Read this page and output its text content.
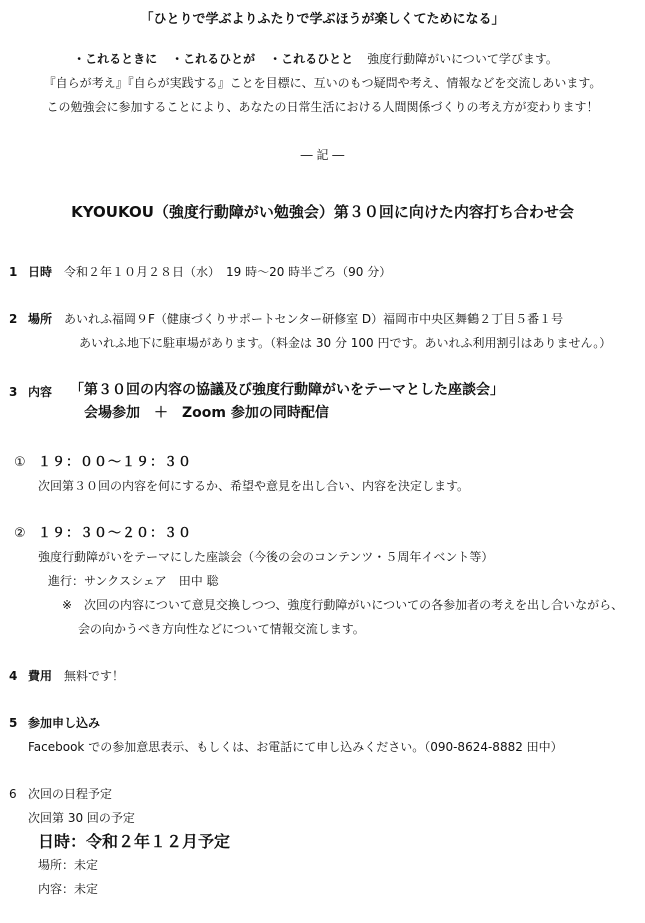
「ひとりで学ぶよりふたりで学ぶほうが楽しくてためになる」
・これるときに ・これるひとが ・これるひとと 強度行動障がいについて学びます。
『自らが考え』『自らが実践する』ことを目標に、互いのもつ疑問や考え、情報などを交流しあいます。
この勉強会に参加することにより、あなたの日常生活における人間関係づくりの考え方が変わります！
― 記 ―
KYOUKOU（強度行動障がい勉強会）第３０回に向けた内容打ち合わせ会
1 日時 令和２年１０月２８日（水）　19 時～20 時半ごろ（90 分）
2 場所 あいれふ福岡９F（健康づくりサポートセンター研修室 D）福岡市中央区舞鶴２丁目５番１号
あいれふ地下に駐車場があります。（料金は 30 分 100 円です。あいれふ利用割引はありません。）
3 内容 「第３０回の内容の協議及び強度行動障がいをテーマとした座談会」
会場参加　＋　Zoom 参加の同時配信
① １９：００～１９：３０
次回第３０回の内容を何にするか、希望や意見を出し合い、内容を決定します。
② １９：３０～２０：３０
強度行動障がいをテーマにした座談会（今後の会のコンテンツ・５周年イベント等）
進行：サンクスシェア　田中 聡
※　次回の内容について意見交換しつつ、強度行動障がいについての各参加者の考えを出し合いながら、
会の向かうべき方向性などについて情報交流します。
4 費用 無料です！
5 参加申し込み
Facebook での参加意思表示、もしくは、お電話にて申し込みください。（090-8624-8882 田中）
6 次回の日程予定
次回第 30 回の予定
日時：令和２年１２月予定
場所：未定
内容：未定
